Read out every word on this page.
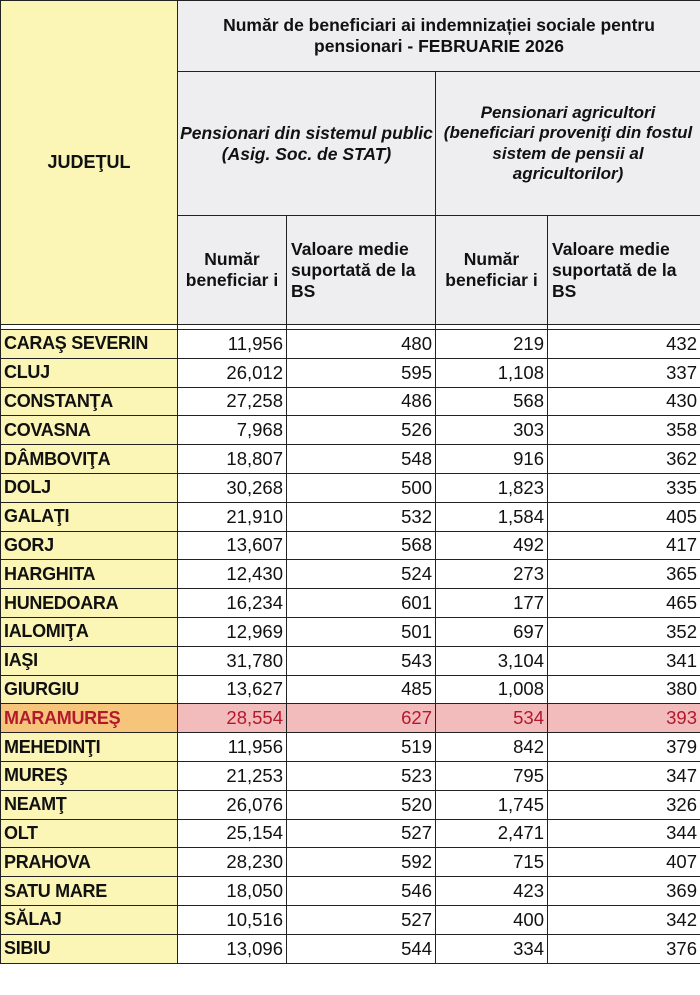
JUDEŢUL	Număr de beneficiari ai indemnizației sociale pentru pensionari - FEBRUARIE 2026			
	Pensionari din sistemul public (Asig. Soc. de STAT)		Pensionari agricultori (beneficiari proveniţi din fostul sistem de pensii al agricultorilor)	
	Număr beneficiar i	Valoare medie suportată de la BS	Număr beneficiar i	Valoare medie suportată de la BS

CARAŞ SEVERIN	11,956	480	219	432
CLUJ	26,012	595	1,108	337
CONSTANŢA	27,258	486	568	430
COVASNA	7,968	526	303	358
DÂMBOVIŢA	18,807	548	916	362
DOLJ	30,268	500	1,823	335
GALAŢI	21,910	532	1,584	405
GORJ	13,607	568	492	417
HARGHITA	12,430	524	273	365
HUNEDOARA	16,234	601	177	465
IALOMIŢA	12,969	501	697	352
IAŞI	31,780	543	3,104	341
GIURGIU	13,627	485	1,008	380
MARAMUREŞ	28,554	627	534	393
MEHEDINŢI	11,956	519	842	379
MUREŞ	21,253	523	795	347
NEAMŢ	26,076	520	1,745	326
OLT	25,154	527	2,471	344
PRAHOVA	28,230	592	715	407
SATU MARE	18,050	546	423	369
SĂLAJ	10,516	527	400	342
SIBIU	13,096	544	334	376
